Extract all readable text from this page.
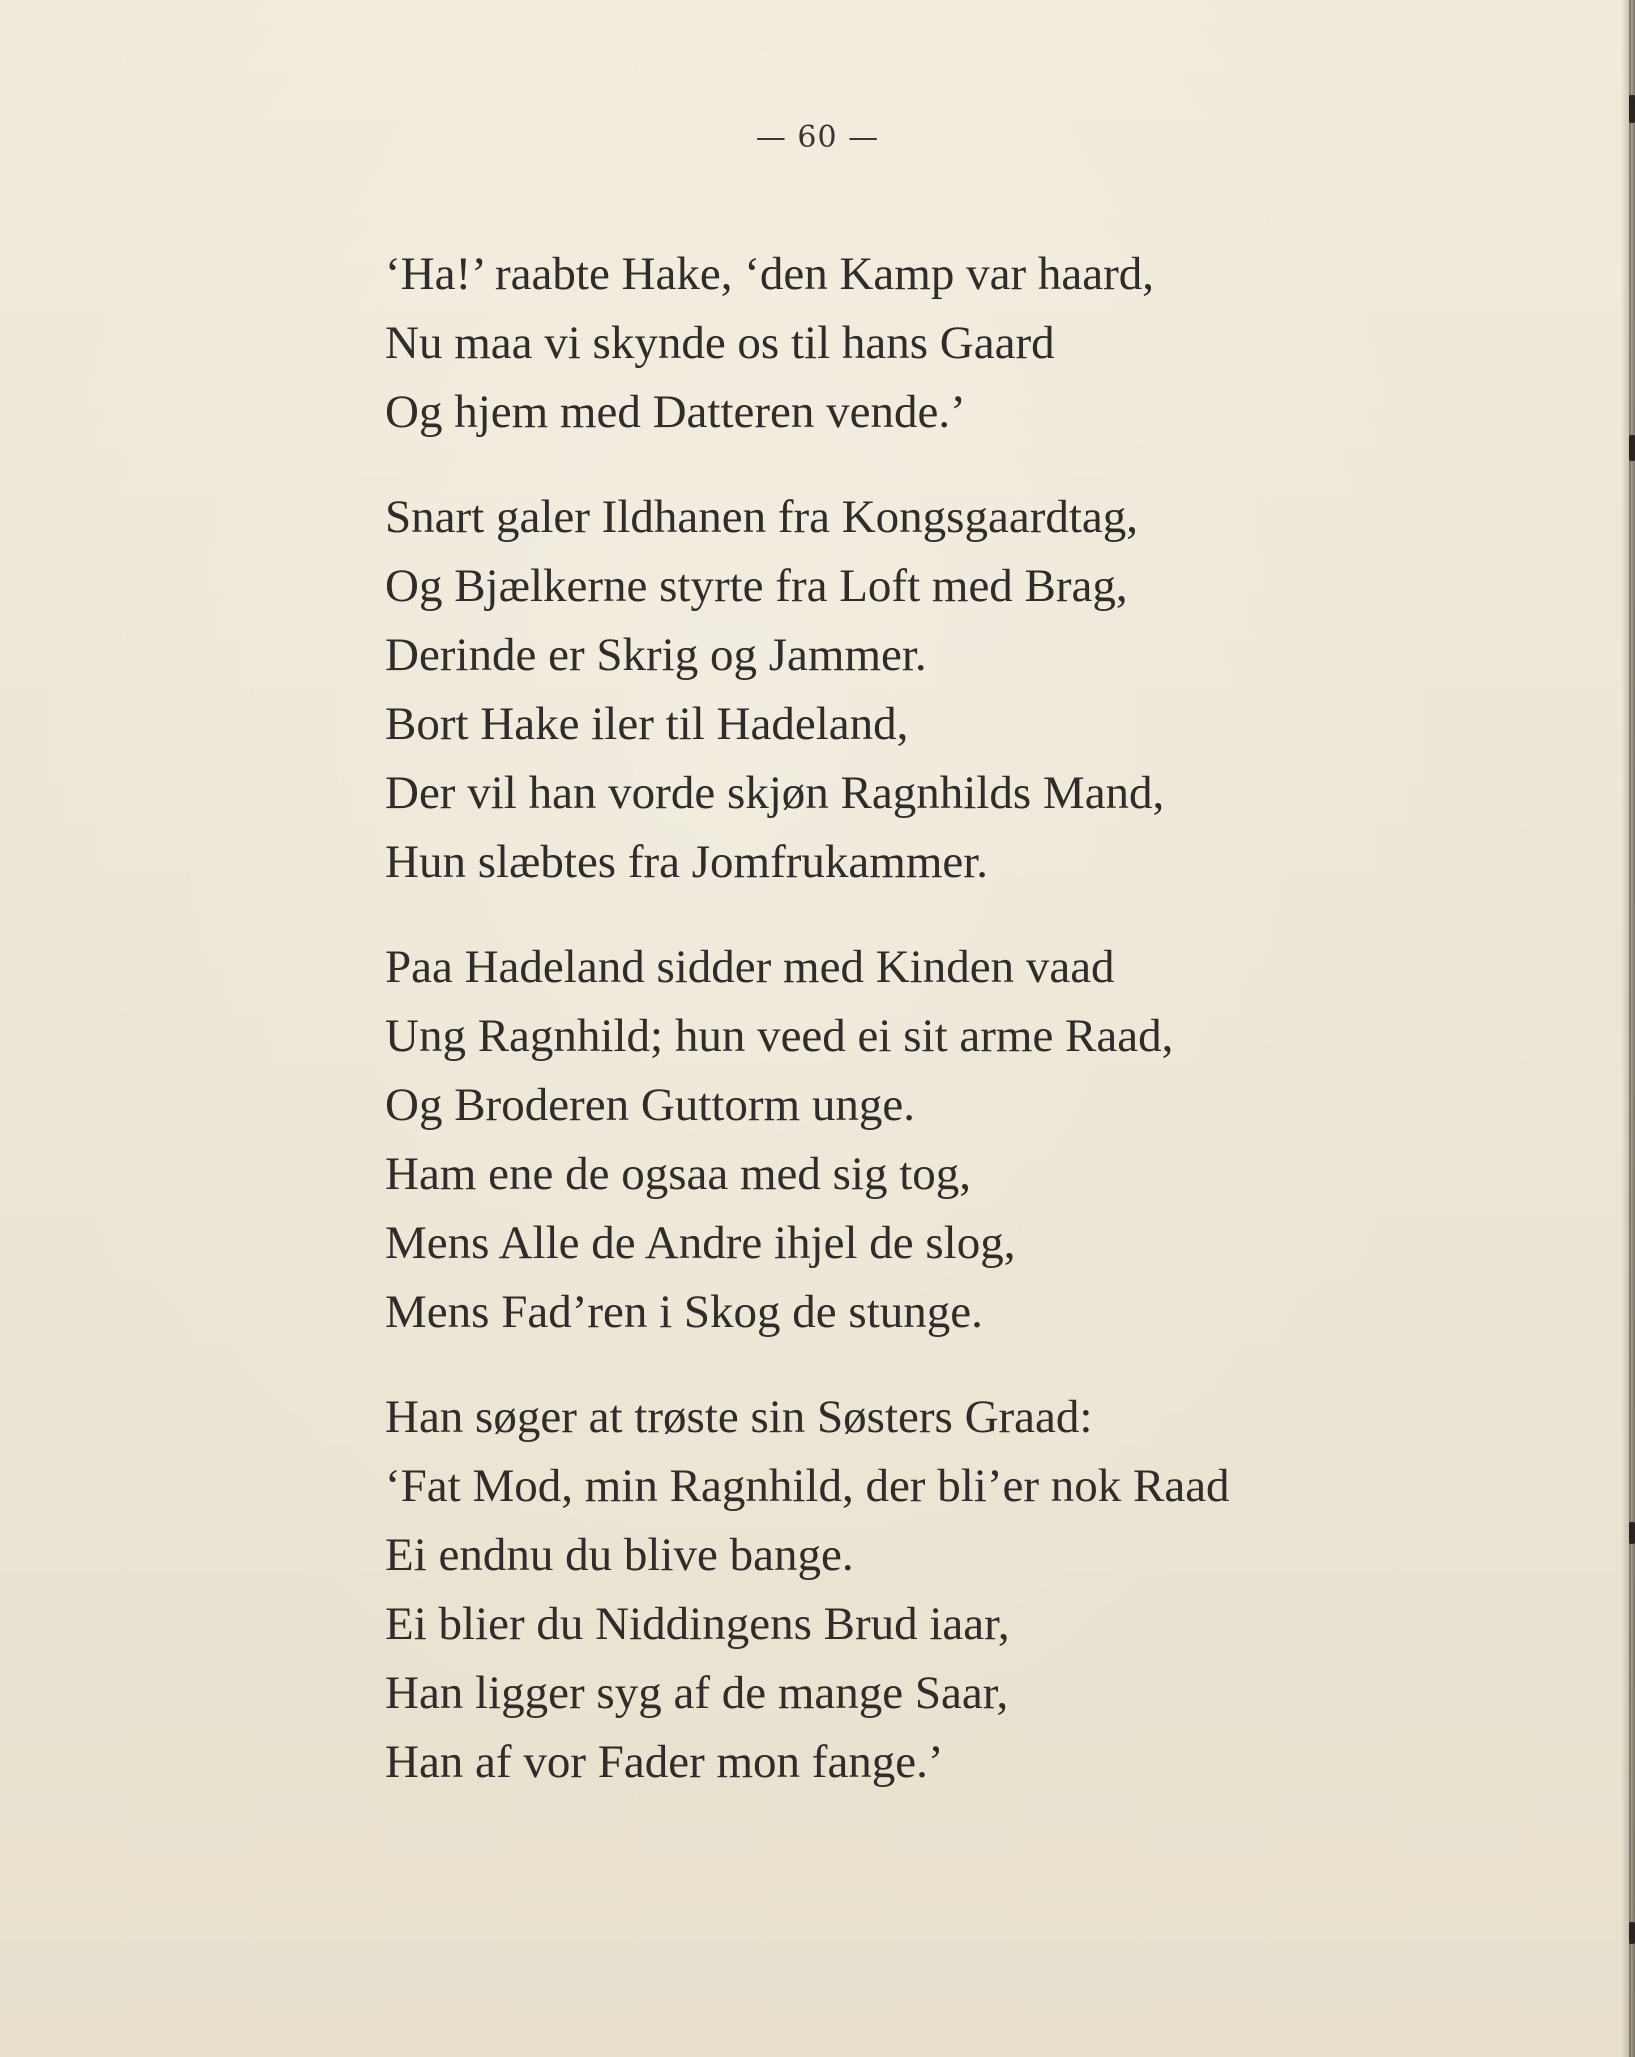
— 60 —
‘Ha!’ raabte Hake, ‘den Kamp var haard,
Nu maa vi skynde os til hans Gaard
Og hjem med Datteren vende.’
Snart galer Ildhanen fra Kongsgaardtag,
Og Bjælkerne styrte fra Loft med Brag,
Derinde er Skrig og Jammer.
Bort Hake iler til Hadeland,
Der vil han vorde skjøn Ragnhilds Mand,
Hun slæbtes fra Jomfrukammer.
Paa Hadeland sidder med Kinden vaad
Ung Ragnhild; hun veed ei sit arme Raad,
Og Broderen Guttorm unge.
Ham ene de ogsaa med sig tog,
Mens Alle de Andre ihjel de slog,
Mens Fad’ren i Skog de stunge.
Han søger at trøste sin Søsters Graad:
‘Fat Mod, min Ragnhild, der bli’er nok Raad
Ei endnu du blive bange.
Ei blier du Niddingens Brud iaar,
Han ligger syg af de mange Saar,
Han af vor Fader mon fange.’
